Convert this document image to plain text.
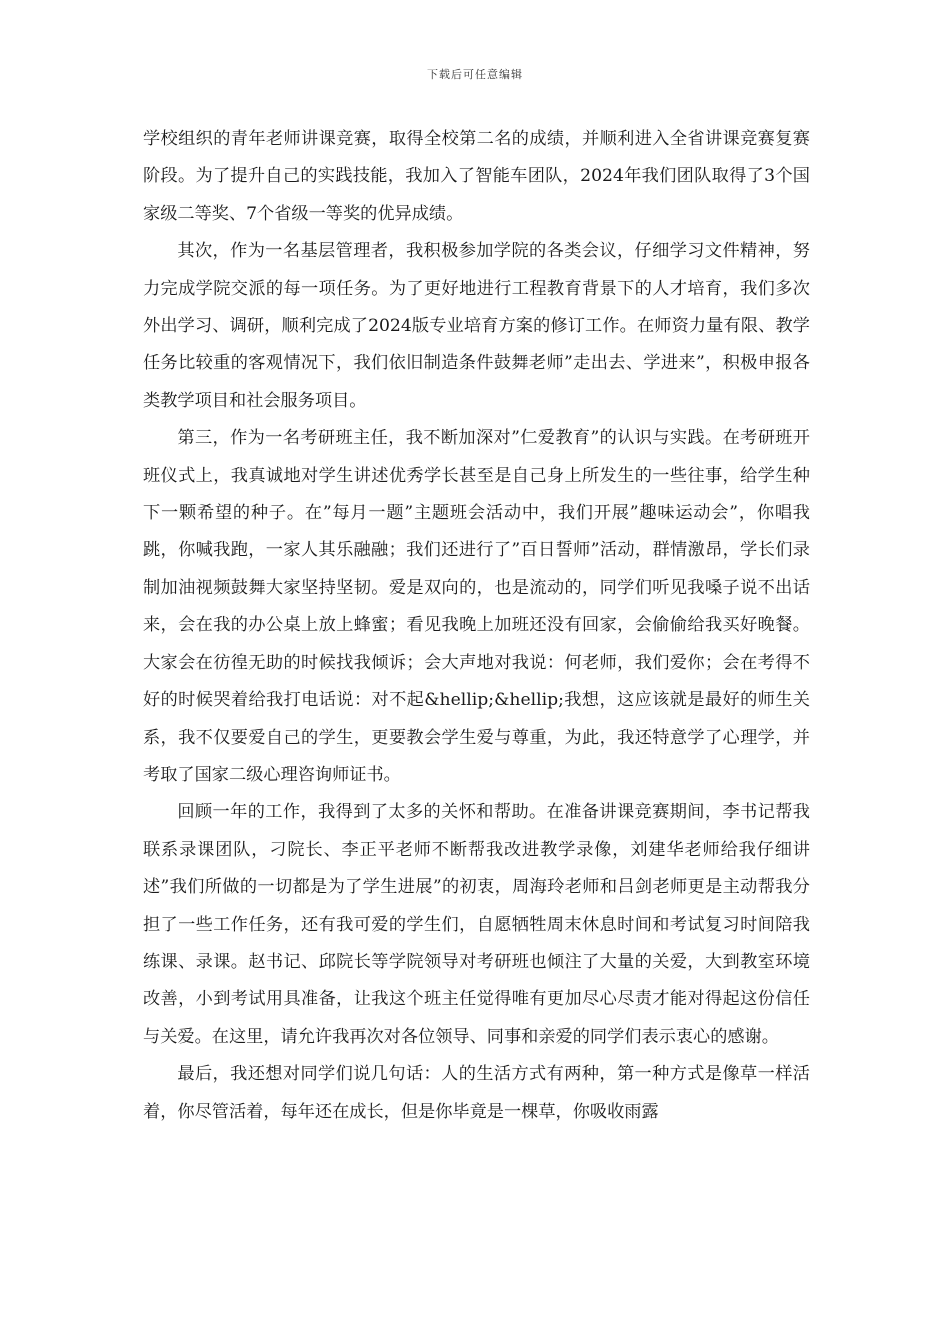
下载后可任意编辑

学校组织的青年老师讲课竞赛，取得全校第二名的成绩，并顺利进入全省讲课竞赛复赛阶段。为了提升自己的实践技能，我加入了智能车团队，2024年我们团队取得了3个国家级二等奖、7个省级一等奖的优异成绩。

其次，作为一名基层管理者，我积极参加学院的各类会议，仔细学习文件精神，努力完成学院交派的每一项任务。为了更好地进行工程教育背景下的人才培育，我们多次外出学习、调研，顺利完成了2024版专业培育方案的修订工作。在师资力量有限、教学任务比较重的客观情况下，我们依旧制造条件鼓舞老师”走出去、学进来”，积极申报各类教学项目和社会服务项目。

第三，作为一名考研班主任，我不断加深对”仁爱教育”的认识与实践。在考研班开班仪式上，我真诚地对学生讲述优秀学长甚至是自己身上所发生的一些往事，给学生种下一颗希望的种子。在”每月一题”主题班会活动中，我们开展”趣味运动会”，你唱我跳，你喊我跑，一家人其乐融融；我们还进行了”百日誓师”活动，群情激昂，学长们录制加油视频鼓舞大家坚持坚韧。爱是双向的，也是流动的，同学们听见我嗓子说不出话来，会在我的办公桌上放上蜂蜜；看见我晚上加班还没有回家，会偷偷给我买好晚餐。大家会在彷徨无助的时候找我倾诉；会大声地对我说：何老师，我们爱你；会在考得不好的时候哭着给我打电话说：对不起&hellip;&hellip;我想，这应该就是最好的师生关系，我不仅要爱自己的学生，更要教会学生爱与尊重，为此，我还特意学了心理学，并考取了国家二级心理咨询师证书。

回顾一年的工作，我得到了太多的关怀和帮助。在准备讲课竞赛期间，李书记帮我联系录课团队，刁院长、李正平老师不断帮我改进教学录像，刘建华老师给我仔细讲述”我们所做的一切都是为了学生进展”的初衷，周海玲老师和吕剑老师更是主动帮我分担了一些工作任务，还有我可爱的学生们，自愿牺牲周末休息时间和考试复习时间陪我练课、录课。赵书记、邱院长等学院领导对考研班也倾注了大量的关爱，大到教室环境改善，小到考试用具准备，让我这个班主任觉得唯有更加尽心尽责才能对得起这份信任与关爱。在这里，请允许我再次对各位领导、同事和亲爱的同学们表示衷心的感谢。

最后，我还想对同学们说几句话：人的生活方式有两种，第一种方式是像草一样活着，你尽管活着，每年还在成长，但是你毕竟是一棵草，你吸收雨露
